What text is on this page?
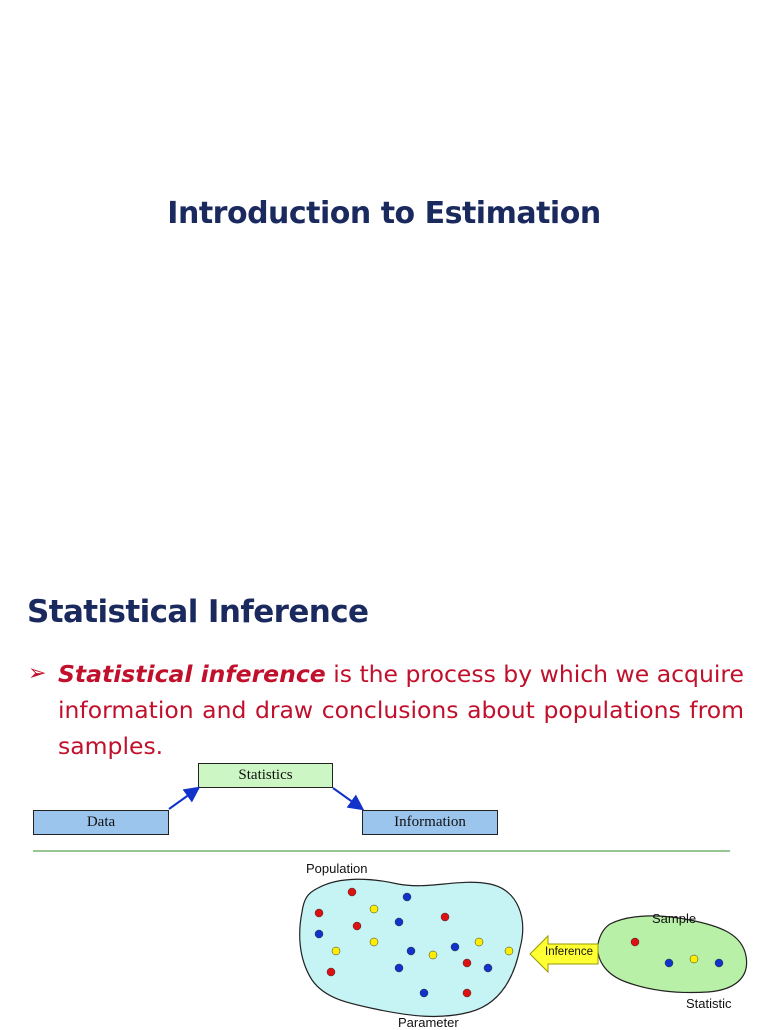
Introduction to Estimation
Statistical Inference
➢ Statistical inference is the process by which we acquire information and draw conclusions about populations from samples.
Data
Statistics
Information
Population
Sample
Statistic
Parameter
Inference
